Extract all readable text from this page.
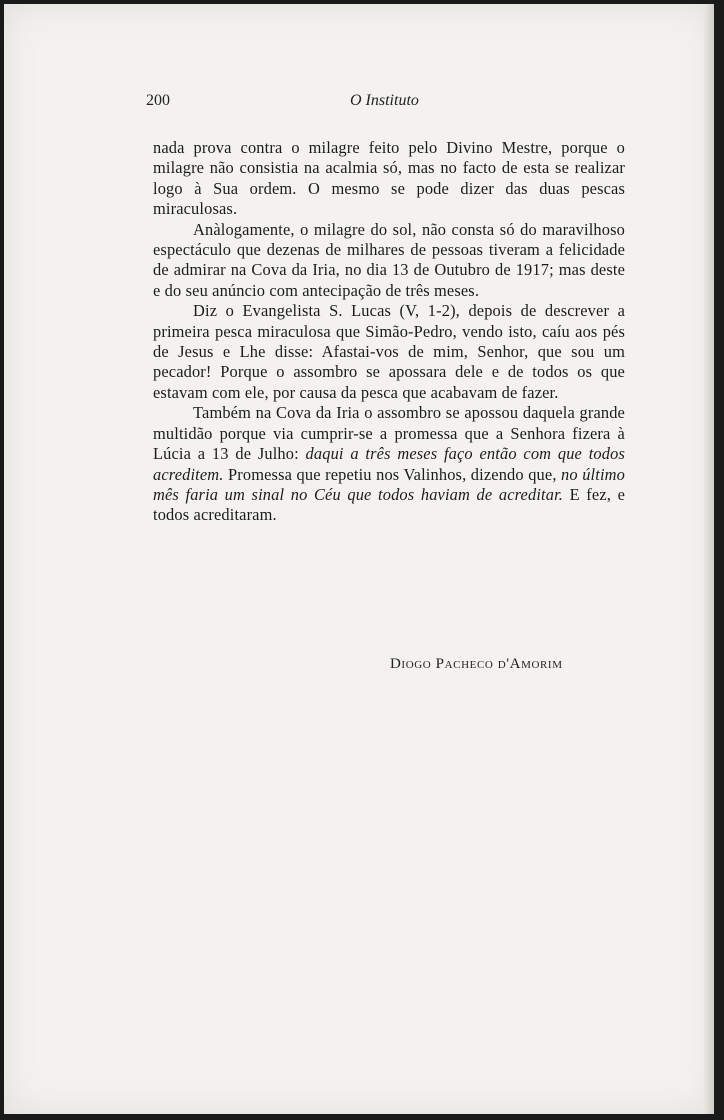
200	O Instituto

nada prova contra o milagre feito pelo Divino Mestre, porque o milagre não consistia na acalmia só, mas no facto de esta se realizar logo à Sua ordem. O mesmo se pode dizer das duas pescas miraculosas.

Anàlogamente, o milagre do sol, não consta só do maravilhoso espectáculo que dezenas de milhares de pessoas tiveram a felicidade de admirar na Cova da Iria, no dia 13 de Outubro de 1917; mas deste e do seu anúncio com antecipação de três meses.

Diz o Evangelista S. Lucas (V, 1-2), depois de descrever a primeira pesca miraculosa que Simão-Pedro, vendo isto, caíu aos pés de Jesus e Lhe disse: Afastai-vos de mim, Senhor, que sou um pecador! Porque o assombro se apossara dele e de todos os que estavam com ele, por causa da pesca que acabavam de fazer.

Também na Cova da Iria o assombro se apossou daquela grande multidão porque via cumprir-se a promessa que a Senhora fizera à Lúcia a 13 de Julho: daqui a três meses faço então com que todos acreditem. Promessa que repetiu nos Valinhos, dizendo que, no último mês faria um sinal no Céu que todos haviam de acreditar. E fez, e todos acreditaram.

Diogo Pacheco d'Amorim
